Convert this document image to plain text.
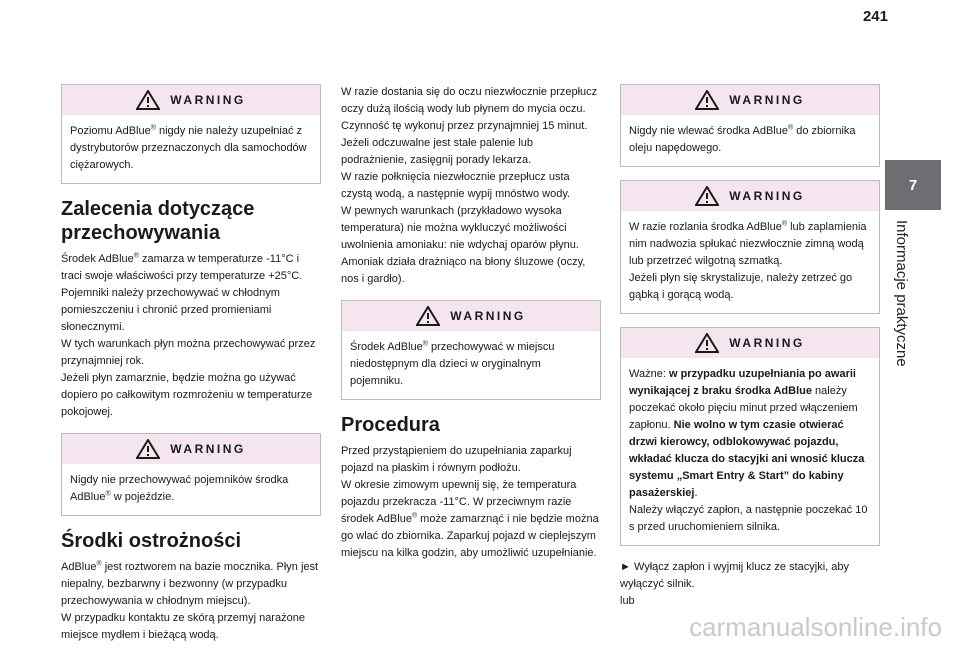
241
7
Informacje praktyczne
WARNING

Poziomu AdBlue® nigdy nie należy uzupełniać z dystrybutorów przeznaczonych dla samochodów ciężarowych.

Zalecenia dotyczące przechowywania

Środek AdBlue® zamarza w temperaturze -11°C i traci swoje właściwości przy temperaturze +25°C. Pojemniki należy przechowywać w chłodnym pomieszczeniu i chronić przed promieniami słonecznymi.

W tych warunkach płyn można przechowywać przez przynajmniej rok.

Jeżeli płyn zamarznie, będzie można go używać dopiero po całkowitym rozmrożeniu w temperaturze pokojowej.

WARNING

Nigdy nie przechowywać pojemników środka AdBlue® w pojeździe.

Środki ostrożności

AdBlue® jest roztworem na bazie mocznika. Płyn jest niepalny, bezbarwny i bezwonny (w przypadku przechowywania w chłodnym miejscu).

W przypadku kontaktu ze skórą przemyj narażone miejsce mydłem i bieżącą wodą.

W razie dostania się do oczu niezwłocznie przepłucz oczy dużą ilością wody lub płynem do mycia oczu. Czynność tę wykonuj przez przynajmniej 15 minut. Jeżeli odczuwalne jest stałe palenie lub podrażnienie, zasięgnij porady lekarza.

W razie połknięcia niezwłocznie przepłucz usta czystą wodą, a następnie wypij mnóstwo wody.

W pewnych warunkach (przykładowo wysoka temperatura) nie można wykluczyć możliwości uwolnienia amoniaku: nie wdychaj oparów płynu. Amoniak działa drażniąco na błony śluzowe (oczy, nos i gardło).

WARNING

Środek AdBlue® przechowywać w miejscu niedostępnym dla dzieci w oryginalnym pojemniku.

Procedura

Przed przystąpieniem do uzupełniania zaparkuj pojazd na płaskim i równym podłożu.

W okresie zimowym upewnij się, że temperatura pojazdu przekracza -11°C. W przeciwnym razie środek AdBlue® może zamarznąć i nie będzie można go wlać do zbiornika. Zaparkuj pojazd w cieplejszym miejscu na kilka godzin, aby umożliwić uzupełnianie.

WARNING

Nigdy nie wlewać środka AdBlue® do zbiornika oleju napędowego.

WARNING

W razie rozlania środka AdBlue® lub zaplamienia nim nadwozia spłukać niezwłocznie zimną wodą lub przetrzeć wilgotną szmatką.

Jeżeli płyn się skrystalizuje, należy zetrzeć go gąbką i gorącą wodą.

WARNING

Ważne: w przypadku uzupełniania po awarii wynikającej z braku środka AdBlue należy poczekać około pięciu minut przed włączeniem zapłonu. Nie wolno w tym czasie otwierać drzwi kierowcy, odblokowywać pojazdu, wkładać klucza do stacyjki ani wnosić klucza systemu „Smart Entry & Start” do kabiny pasażerskiej.

Należy włączyć zapłon, a następnie poczekać 10 s przed uruchomieniem silnika.

► Wyłącz zapłon i wyjmij klucz ze stacyjki, aby wyłączyć silnik.

lub

carmanualsonline.info
